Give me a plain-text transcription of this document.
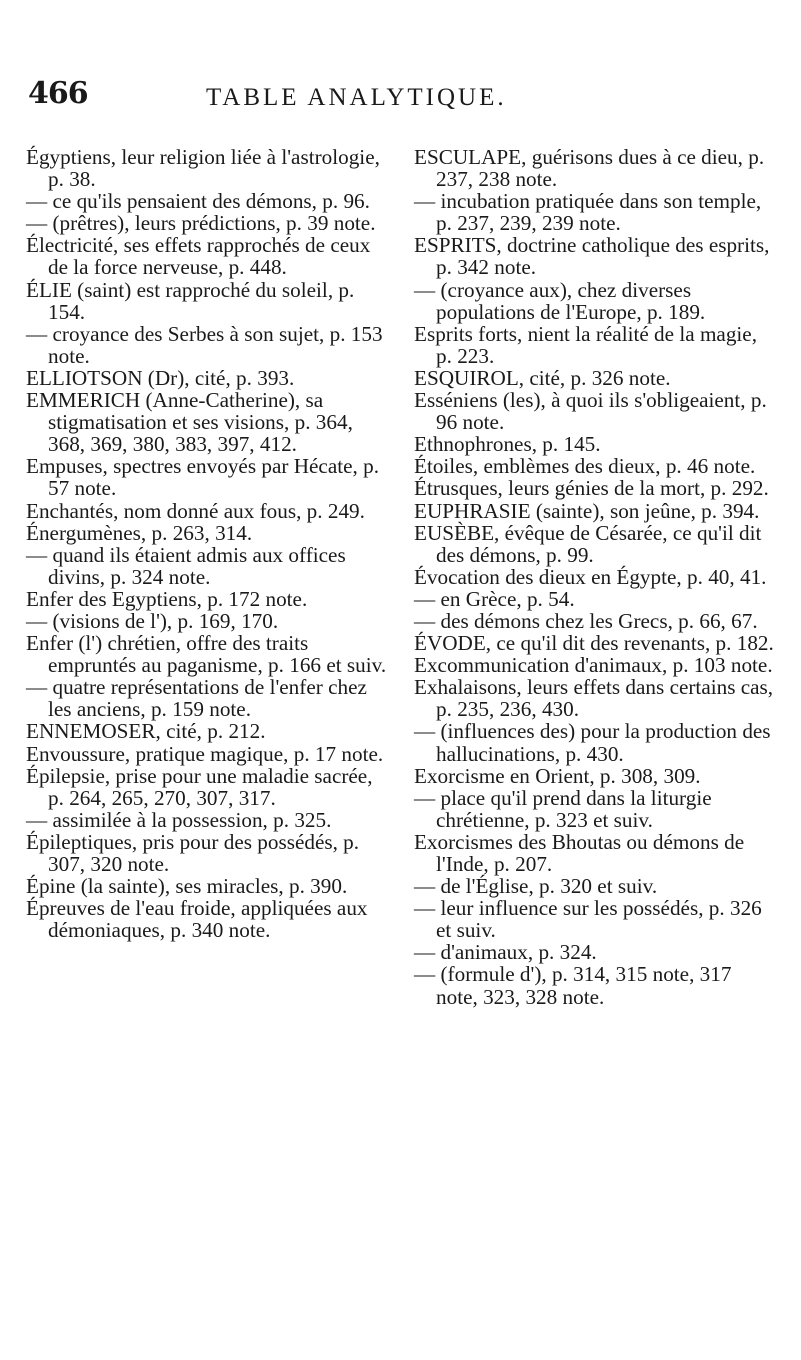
466	TABLE ANALYTIQUE.

Égyptiens, leur religion liée à l'astrologie, p. 38.

— ce qu'ils pensaient des démons, p. 96.

— (prêtres), leurs prédictions, p. 39 note.

Électricité, ses effets rapprochés de ceux de la force nerveuse, p. 448.

ÉLIE (saint) est rapproché du soleil, p. 154.

— croyance des Serbes à son sujet, p. 153 note.

ELLIOTSON (Dr), cité, p. 393.

EMMERICH (Anne-Catherine), sa stigmatisation et ses visions, p. 364, 368, 369, 380, 383, 397, 412.

Empuses, spectres envoyés par Hécate, p. 57 note.

Enchantés, nom donné aux fous, p. 249.

Énergumènes, p. 263, 314.

— quand ils étaient admis aux offices divins, p. 324 note.

Enfer des Egyptiens, p. 172 note.

— (visions de l'), p. 169, 170.

Enfer (l') chrétien, offre des traits empruntés au paganisme, p. 166 et suiv.

— quatre représentations de l'enfer chez les anciens, p. 159 note.

ENNEMOSER, cité, p. 212.

Envoussure, pratique magique, p. 17 note.

Épilepsie, prise pour une maladie sacrée, p. 264, 265, 270, 307, 317.

— assimilée à la possession, p. 325.

Épileptiques, pris pour des possédés, p. 307, 320 note.

Épine (la sainte), ses miracles, p. 390.

Épreuves de l'eau froide, appliquées aux démoniaques, p. 340 note.

ESCULAPE, guérisons dues à ce dieu, p. 237, 238 note.

— incubation pratiquée dans son temple, p. 237, 239, 239 note.

ESPRITS, doctrine catholique des esprits, p. 342 note.

— (croyance aux), chez diverses populations de l'Europe, p. 189.

Esprits forts, nient la réalité de la magie, p. 223.

ESQUIROL, cité, p. 326 note.

Esséniens (les), à quoi ils s'obligeaient, p. 96 note.

Ethnophrones, p. 145.

Étoiles, emblèmes des dieux, p. 46 note.

Étrusques, leurs génies de la mort, p. 292.

EUPHRASIE (sainte), son jeûne, p. 394.

EUSÈBE, évêque de Césarée, ce qu'il dit des démons, p. 99.

Évocation des dieux en Égypte, p. 40, 41.

— en Grèce, p. 54.

— des démons chez les Grecs, p. 66, 67.

ÉVODE, ce qu'il dit des revenants, p. 182.

Excommunication d'animaux, p. 103 note.

Exhalaisons, leurs effets dans certains cas, p. 235, 236, 430.

— (influences des) pour la production des hallucinations, p. 430.

Exorcisme en Orient, p. 308, 309.

— place qu'il prend dans la liturgie chrétienne, p. 323 et suiv.

Exorcismes des Bhoutas ou démons de l'Inde, p. 207.

— de l'Église, p. 320 et suiv.

— leur influence sur les possédés, p. 326 et suiv.

— d'animaux, p. 324.

— (formule d'), p. 314, 315 note, 317 note, 323, 328 note.
